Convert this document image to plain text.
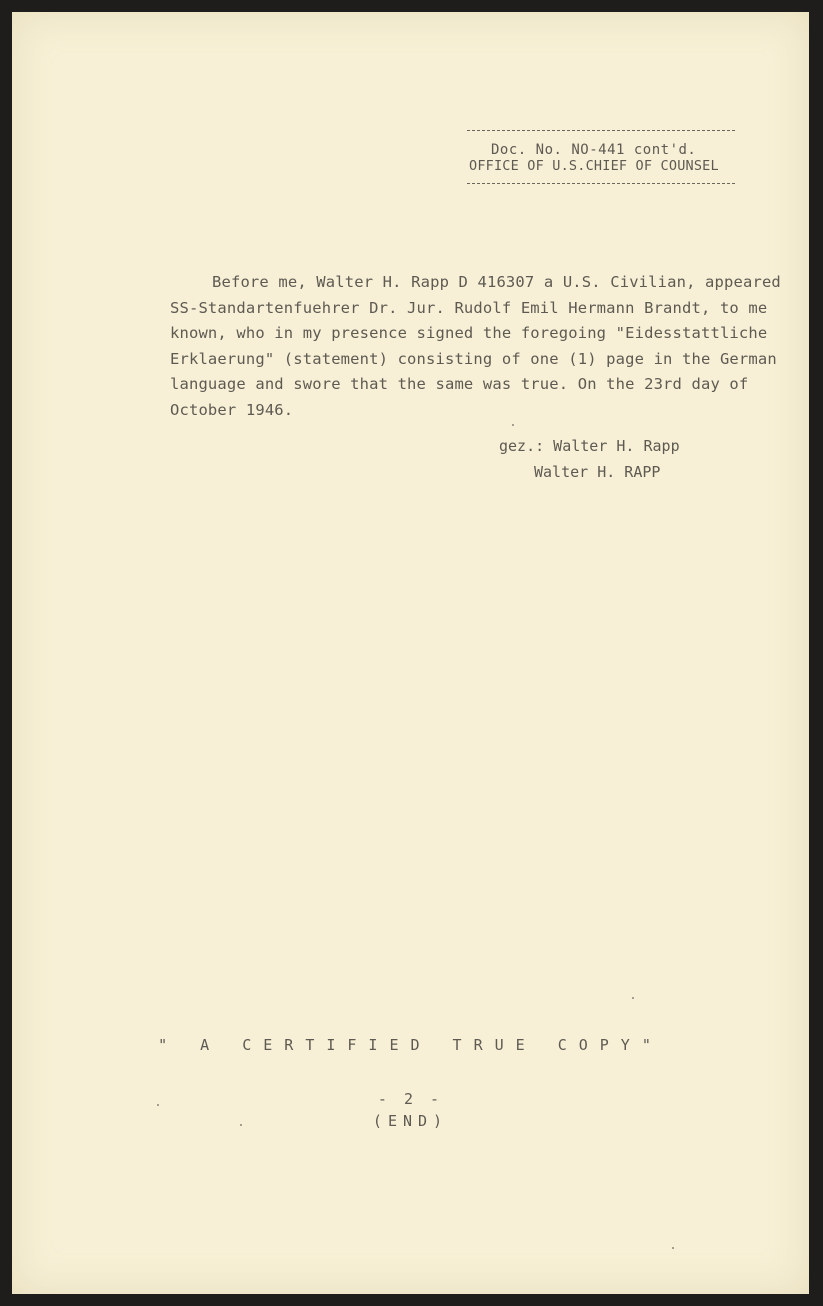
Doc. No. NO-441 cont'd.
OFFICE OF U.S.CHIEF OF COUNSEL
Before me, Walter H. Rapp D 416307 a U.S. Civilian, appeared
SS-Standartenfuehrer Dr. Jur. Rudolf Emil Hermann Brandt, to me
known, who in my presence signed the foregoing "Eidesstattliche
Erklaerung" (statement) consisting of one (1) page in the German
language and swore that the same was true. On the 23rd day of
October 1946.
gez.: Walter H. Rapp
Walter H. RAPP
" A CERTIFIED TRUE COPY"
- 2 -
(END)
